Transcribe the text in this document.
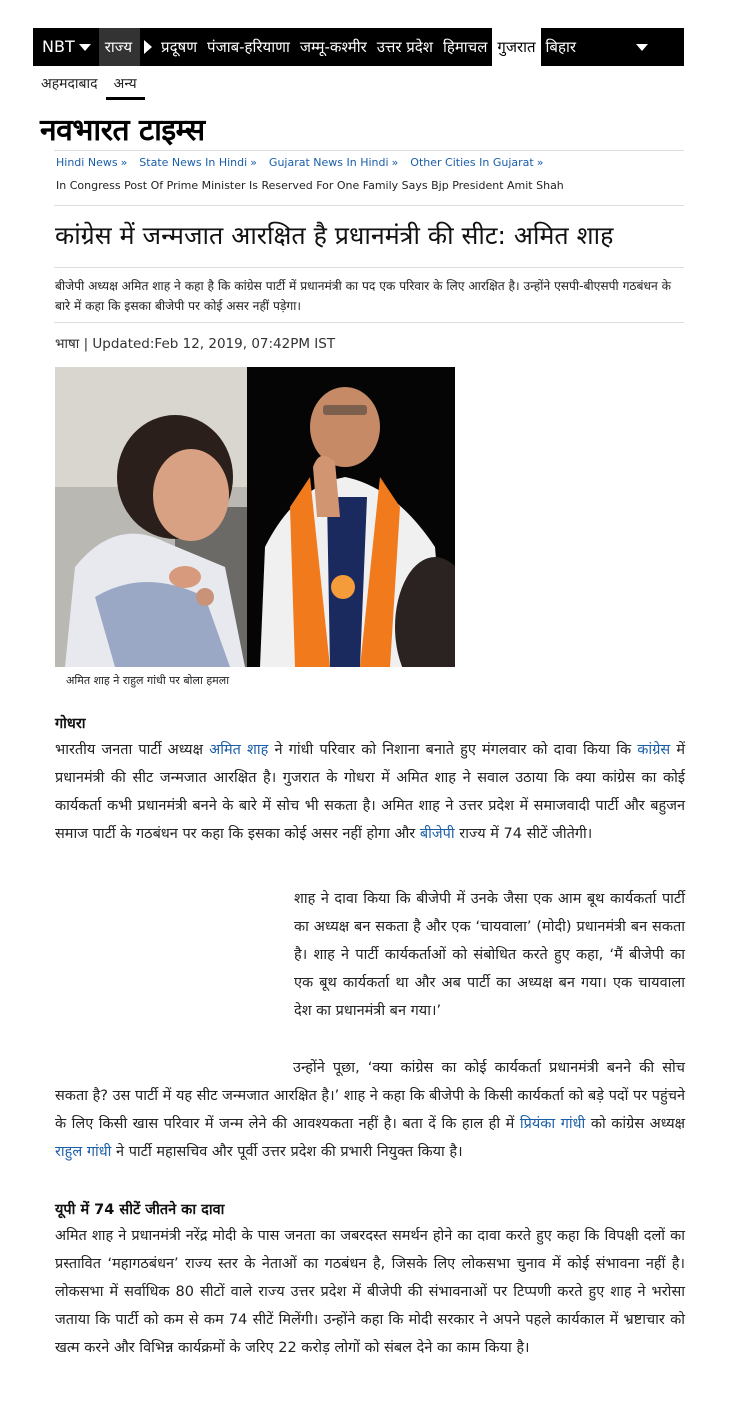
NBT	राज्य	प्रदूषण पंजाब-हरियाणा जम्मू-कश्मीर उत्तर प्रदेश हिमाचल गुजरात बिहार
अहमदाबाद	अन्य
नवभारत टाइम्स
Hindi News » State News In Hindi » Gujarat News In Hindi » Other Cities In Gujarat »
In Congress Post Of Prime Minister Is Reserved For One Family Says Bjp President Amit Shah
कांग्रेस में जन्मजात आरक्षित है प्रधानमंत्री की सीट: अमित शाह
बीजेपी अध्यक्ष अमित शाह ने कहा है कि कांग्रेस पार्टी में प्रधानमंत्री का पद एक परिवार के लिए आरक्षित है। उन्होंने एसपी-बीएसपी गठबंधन के बारे में कहा कि इसका बीजेपी पर कोई असर नहीं पड़ेगा।
भाषा | Updated:Feb 12, 2019, 07:42PM IST
अमित शाह ने राहुल गांधी पर बोला हमला
गोधरा

भारतीय जनता पार्टी अध्यक्ष अमित शाह ने गांधी परिवार को निशाना बनाते हुए मंगलवार को दावा किया कि कांग्रेस में प्रधानमंत्री की सीट जन्मजात आरक्षित है। गुजरात के गोधरा में अमित शाह ने सवाल उठाया कि क्या कांग्रेस का कोई कार्यकर्ता कभी प्रधानमंत्री बनने के बारे में सोच भी सकता है। अमित शाह ने उत्तर प्रदेश में समाजवादी पार्टी और बहुजन समाज पार्टी के गठबंधन पर कहा कि इसका कोई असर नहीं होगा और बीजेपी राज्य में 74 सीटें जीतेगी।

शाह ने दावा किया कि बीजेपी में उनके जैसा एक आम बूथ कार्यकर्ता पार्टी का अध्यक्ष बन सकता है और एक ‘चायवाला’ (मोदी) प्रधानमंत्री बन सकता है। शाह ने पार्टी कार्यकर्ताओं को संबोधित करते हुए कहा, ‘मैं बीजेपी का एक बूथ कार्यकर्ता था और अब पार्टी का अध्यक्ष बन गया। एक चायवाला देश का प्रधानमंत्री बन गया।’

उन्होंने पूछा, ‘क्या कांग्रेस का कोई कार्यकर्ता प्रधानमंत्री बनने की सोच सकता है? उस पार्टी में यह सीट जन्मजात आरक्षित है।’ शाह ने कहा कि बीजेपी के किसी कार्यकर्ता को बड़े पदों पर पहुंचने के लिए किसी खास परिवार में जन्म लेने की आवश्यकता नहीं है। बता दें कि हाल ही में प्रियंका गांधी को कांग्रेस अध्यक्ष राहुल गांधी ने पार्टी महासचिव और पूर्वी उत्तर प्रदेश की प्रभारी नियुक्त किया है।

यूपी में 74 सीटें जीतने का दावा

अमित शाह ने प्रधानमंत्री नरेंद्र मोदी के पास जनता का जबरदस्त समर्थन होने का दावा करते हुए कहा कि विपक्षी दलों का प्रस्तावित ‘महागठबंधन’ राज्य स्तर के नेताओं का गठबंधन है, जिसके लिए लोकसभा चुनाव में कोई संभावना नहीं है। लोकसभा में सर्वाधिक 80 सीटों वाले राज्य उत्तर प्रदेश में बीजेपी की संभावनाओं पर टिप्पणी करते हुए शाह ने भरोसा जताया कि पार्टी को कम से कम 74 सीटें मिलेंगी। उन्होंने कहा कि मोदी सरकार ने अपने पहले कार्यकाल में भ्रष्टाचार को खत्म करने और विभिन्न कार्यक्रमों के जरिए 22 करोड़ लोगों को संबल देने का काम किया है।
